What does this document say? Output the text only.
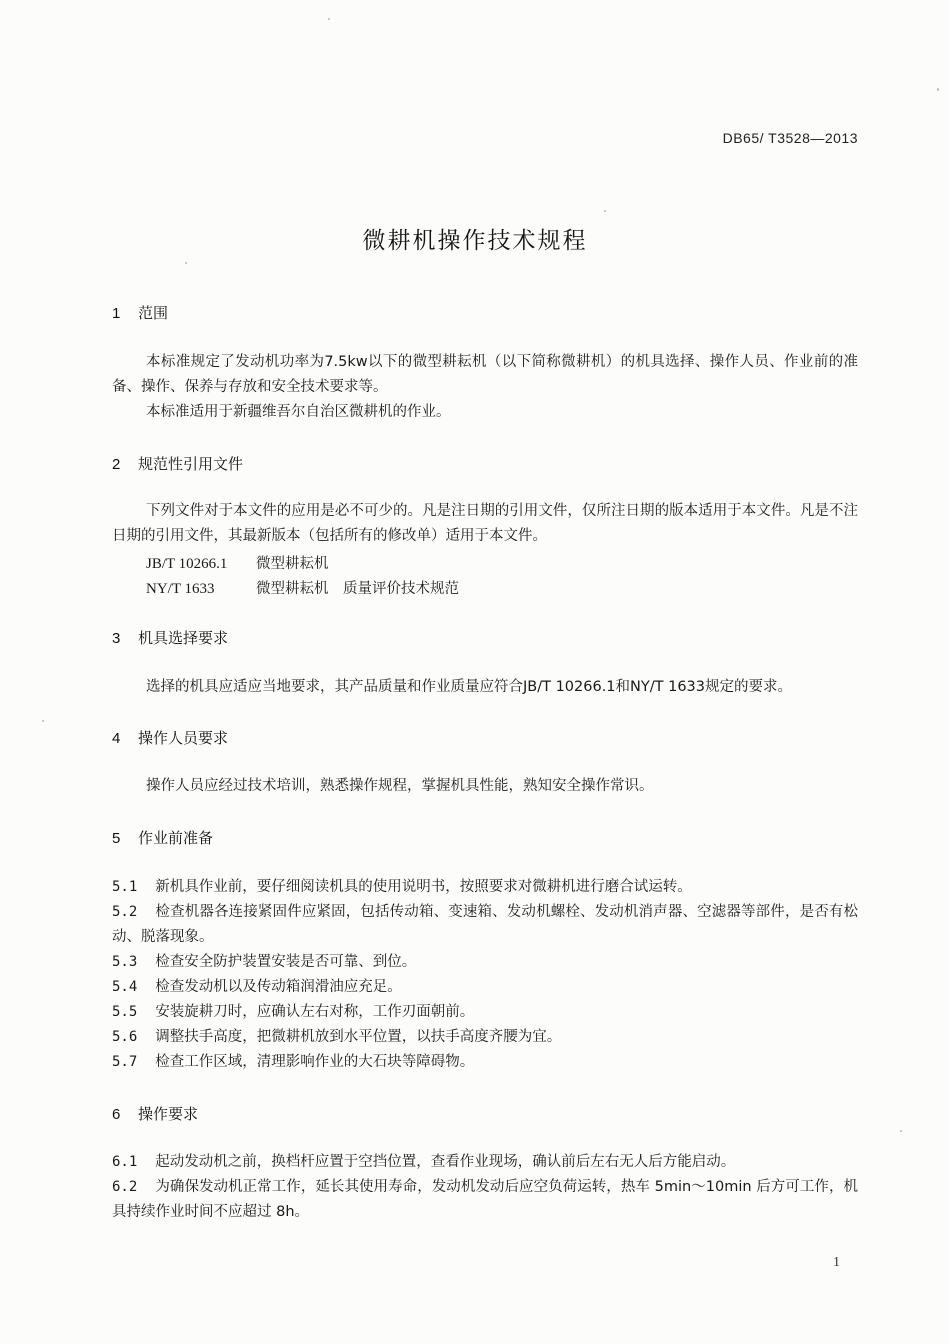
DB65/ T3528—2013
微耕机操作技术规程
1 范围
本标准规定了发动机功率为7.5kw以下的微型耕耘机（以下简称微耕机）的机具选择、操作人员、作业前的准备、操作、保养与存放和安全技术要求等。
本标准适用于新疆维吾尔自治区微耕机的作业。
2 规范性引用文件
下列文件对于本文件的应用是必不可少的。凡是注日期的引用文件，仅所注日期的版本适用于本文件。凡是不注日期的引用文件，其最新版本（包括所有的修改单）适用于本文件。
JB/T 10266.1 微型耕耘机
NY/T 1633	微型耕耘机　质量评价技术规范
3 机具选择要求
选择的机具应适应当地要求，其产品质量和作业质量应符合JB/T 10266.1和NY/T 1633规定的要求。
4 操作人员要求
操作人员应经过技术培训，熟悉操作规程，掌握机具性能，熟知安全操作常识。
5 作业前准备
5.1 新机具作业前，要仔细阅读机具的使用说明书，按照要求对微耕机进行磨合试运转。
5.2 检查机器各连接紧固件应紧固，包括传动箱、变速箱、发动机螺栓、发动机消声器、空滤器等部件，是否有松动、脱落现象。
5.3 检查安全防护装置安装是否可靠、到位。
5.4 检查发动机以及传动箱润滑油应充足。
5.5 安装旋耕刀时，应确认左右对称，工作刃面朝前。
5.6 调整扶手高度，把微耕机放到水平位置，以扶手高度齐腰为宜。
5.7 检查工作区域，清理影响作业的大石块等障碍物。
6 操作要求
6.1 起动发动机之前，换档杆应置于空挡位置，查看作业现场，确认前后左右无人后方能启动。
6.2 为确保发动机正常工作，延长其使用寿命，发动机发动后应空负荷运转，热车 5min～10min 后方可工作，机具持续作业时间不应超过 8h。
1
